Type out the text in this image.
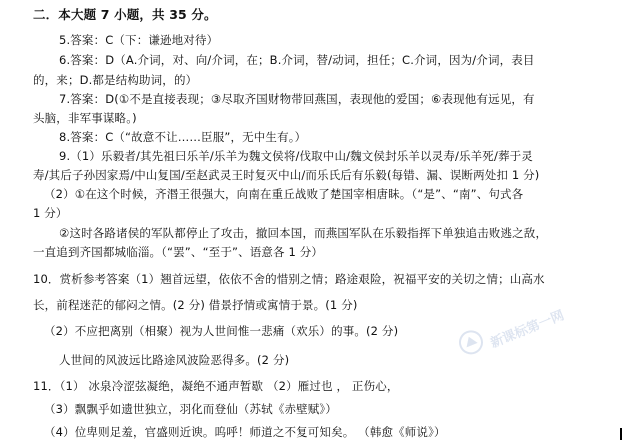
二．本大题 7 小题，共 35 分。
5.答案：C（下：谦逊地对待）
6.答案：D（A.介词，对、向/介词，在；B.介词，替/动词，担任；C.介词，因为/介词，表目
的，来；D.都是结构助词，的）
7.答案：D(①不是直接表现；③尽取齐国财物带回燕国，表现他的爱国；⑥表现他有远见，有
头脑，非军事谋略。)
8.答案：C（“故意不让……臣服”，无中生有。）
9.（1）乐毅者/其先祖曰乐羊/乐羊为魏文侯将/伐取中山/魏文侯封乐羊以灵寿/乐羊死/葬于灵
寿/其后子孙因家焉/中山复国/至赵武灵王时复灭中山/而乐氏后有乐毅(每错、漏、误断两处扣 1 分)
（2）①在这个时候，齐湣王很强大，向南在重丘战败了楚国宰相唐眛。（“是”、“南”、句式各
1 分）
②这时各路诸侯的军队都停止了攻击，撤回本国，而燕国军队在乐毅指挥下单独追击败逃之敌，
一直追到齐国都城临淄。（“罢”、“至于”、语意各 1 分）
10．赏析参考答案（1）翘首远望，依依不舍的惜别之情；路途艰险，祝福平安的关切之情；山高水
长，前程迷茫的郁闷之情。(2 分) 借景抒情或寓情于景。(1 分)
（2）不应把离别（相聚）视为人世间惟一悲痛（欢乐）的事。(2 分)
人世间的风波远比路途风波险恶得多。(2 分)
11．（1） 冰泉冷涩弦凝绝，凝绝不通声暂歇 （2）雁过也 ， 正伤心，
（3）飘飘乎如遗世独立，羽化而登仙（苏轼《赤壁赋》）
（4）位卑则足羞，官盛则近谀。呜呼！师道之不复可知矣。 （韩愈《师说》）
新课标第一网
